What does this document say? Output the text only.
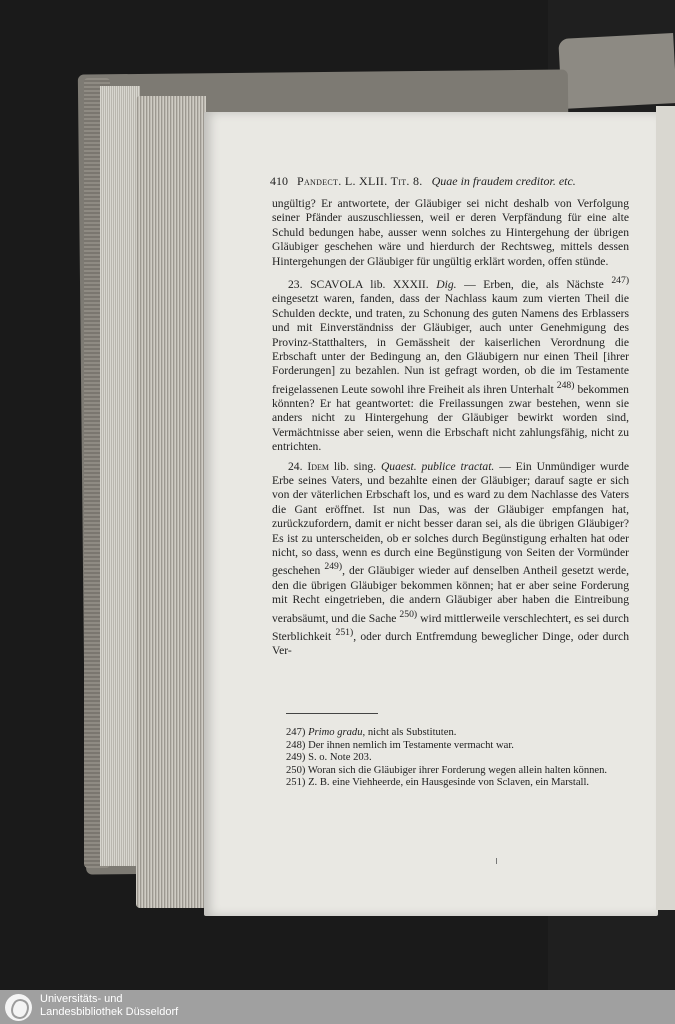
410 Pandect. L. XLII. Tit. 8. Quae in fraudem creditor. etc.

ungültig? Er antwortete, der Gläubiger sei nicht deshalb von Verfolgung seiner Pfänder auszuschliessen, weil er deren Verpfändung für eine alte Schuld bedungen habe, ausser wenn solches zu Hintergehung der übrigen Gläubiger geschehen wäre und hierdurch der Rechtsweg, mittels dessen Hintergehungen der Gläubiger für ungültig erklärt worden, offen stünde.

23. SCAVOLA lib. XXXII. Dig. — Erben, die, als Nächste $^{247)}$ eingesetzt waren, fanden, dass der Nachlass kaum zum vierten Theil die Schulden deckte, und traten, zu Schonung des guten Namens des Erblassers und mit Einverständniss der Gläubiger, auch unter Genehmigung des Provinz-Statthalters, in Gemässheit der kaiserlichen Verordnung die Erbschaft unter der Bedingung an, den Gläubigern nur einen Theil [ihrer Forderungen] zu bezahlen. Nun ist gefragt worden, ob die im Testamente freigelassenen Leute sowohl ihre Freiheit als ihren Unterhalt $^{248)}$ bekommen könnten? Er hat geantwortet: die Freilassungen zwar bestehen, wenn sie anders nicht zu Hintergehung der Gläubiger bewirkt worden sind, Vermächtnisse aber seien, wenn die Erbschaft nicht zahlungsfähig, nicht zu entrichten.

24. Idem lib. sing. Quaest. publice tractat. — Ein Unmündiger wurde Erbe seines Vaters, und bezahlte einen der Gläubiger; darauf sagte er sich von der väterlichen Erbschaft los, und es ward zu dem Nachlasse des Vaters die Gant eröffnet. Ist nun Das, was der Gläubiger empfangen hat, zurückzufordern, damit er nicht besser daran sei, als die übrigen Gläubiger? Es ist zu unterscheiden, ob er solches durch Begünstigung erhalten hat oder nicht, so dass, wenn es durch eine Begünstigung von Seiten der Vormünder geschehen $^{249)}$, der Gläubiger wieder auf denselben Antheil gesetzt werde, den die übrigen Gläubiger bekommen können; hat er aber seine Forderung mit Recht eingetrieben, die andern Gläubiger aber haben die Eintreibung verabsäumt, und die Sache $^{250)}$ wird mittlerweile verschlechtert, es sei durch Sterblichkeit $^{251)}$, oder durch Entfremdung beweglicher Dinge, oder durch Ver-

247) Primo gradu, nicht als Substituten.
248) Der ihnen nemlich im Testamente vermacht war.
249) S. o. Note 203.
250) Woran sich die Gläubiger ihrer Forderung wegen allein halten können.
251) Z. B. eine Viehheerde, ein Hausgesinde von Sclaven, ein Marstall.
Universitäts- und
Landesbibliothek Düsseldorf
